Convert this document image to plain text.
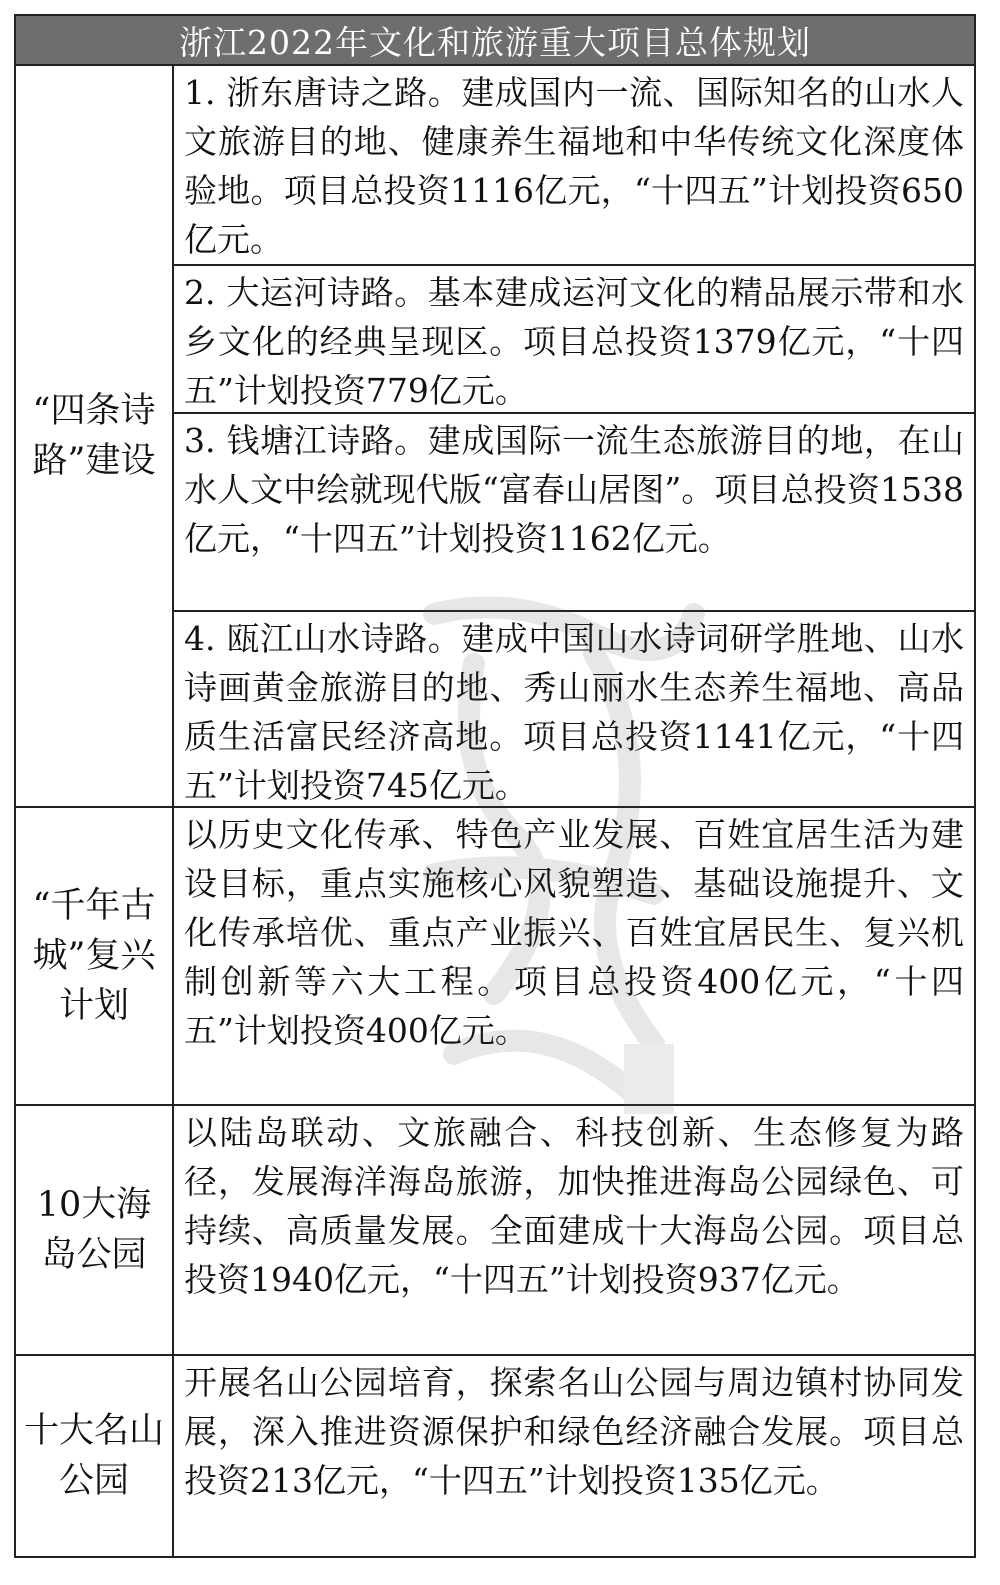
浙江2022年文化和旅游重大项目总体规划
“四条诗路”建设
1. 浙东唐诗之路。建成国内一流、国际知名的山水人文旅游目的地、健康养生福地和中华传统文化深度体验地。项目总投资1116亿元，“十四五”计划投资650亿元。
2. 大运河诗路。基本建成运河文化的精品展示带和水乡文化的经典呈现区。项目总投资1379亿元，“十四五”计划投资779亿元。
3. 钱塘江诗路。建成国际一流生态旅游目的地，在山水人文中绘就现代版“富春山居图”。项目总投资1538亿元，“十四五”计划投资1162亿元。
4. 瓯江山水诗路。建成中国山水诗词研学胜地、山水诗画黄金旅游目的地、秀山丽水生态养生福地、高品质生活富民经济高地。项目总投资1141亿元，“十四五”计划投资745亿元。
“千年古城”复兴计划
以历史文化传承、特色产业发展、百姓宜居生活为建设目标，重点实施核心风貌塑造、基础设施提升、文化传承培优、重点产业振兴、百姓宜居民生、复兴机制创新等六大工程。项目总投资400亿元，“十四五”计划投资400亿元。
10大海岛公园
以陆岛联动、文旅融合、科技创新、生态修复为路径，发展海洋海岛旅游，加快推进海岛公园绿色、可持续、高质量发展。全面建成十大海岛公园。项目总投资1940亿元，“十四五”计划投资937亿元。
十大名山公园
开展名山公园培育，探索名山公园与周边镇村协同发展，深入推进资源保护和绿色经济融合发展。项目总投资213亿元，“十四五”计划投资135亿元。
